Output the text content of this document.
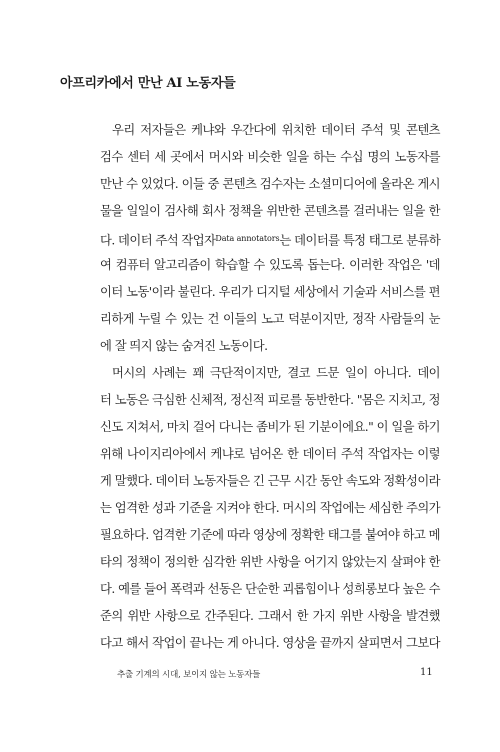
아프리카에서 만난 AI 노동자들
우리 저자들은 케냐와 우간다에 위치한 데이터 주석 및 콘텐츠
검수 센터 세 곳에서 머시와 비슷한 일을 하는 수십 명의 노동자를
만난 수 있었다. 이들 중 콘텐츠 검수자는 소셜미디어에 올라온 게시
물을 일일이 검사해 회사 정책을 위반한 콘텐츠를 걸러내는 일을 한
다. 데이터 주석 작업자$^{Data annotators}$는 데이터를 특정 태그로 분류하
여 컴퓨터 알고리즘이 학습할 수 있도록 돕는다. 이러한 작업은 '데
이터 노동'이라 불린다. 우리가 디지털 세상에서 기술과 서비스를 편
리하게 누릴 수 있는 건 이들의 노고 덕분이지만, 정작 사람들의 눈
에 잘 띄지 않는 숨겨진 노동이다.
머시의 사례는 꽤 극단적이지만, 결코 드문 일이 아니다. 데이
터 노동은 극심한 신체적, 정신적 피로를 동반한다. "몸은 지치고, 정
신도 지쳐서, 마치 걸어 다니는 좀비가 된 기분이에요." 이 일을 하기
위해 나이지리아에서 케냐로 넘어온 한 데이터 주석 작업자는 이렇
게 말했다. 데이터 노동자들은 긴 근무 시간 동안 속도와 정확성이라
는 엄격한 성과 기준을 지켜야 한다. 머시의 작업에는 세심한 주의가
필요하다. 엄격한 기준에 따라 영상에 정확한 태그를 붙여야 하고 메
타의 정책이 정의한 심각한 위반 사항을 어기지 않았는지 살펴야 한
다. 예를 들어 폭력과 선동은 단순한 괴롭힘이나 성희롱보다 높은 수
준의 위반 사항으로 간주된다. 그래서 한 가지 위반 사항을 발견했
다고 해서 작업이 끝나는 게 아니다. 영상을 끝까지 살피면서 그보다
추출 기계의 시대, 보이지 않는 노동자들	11
